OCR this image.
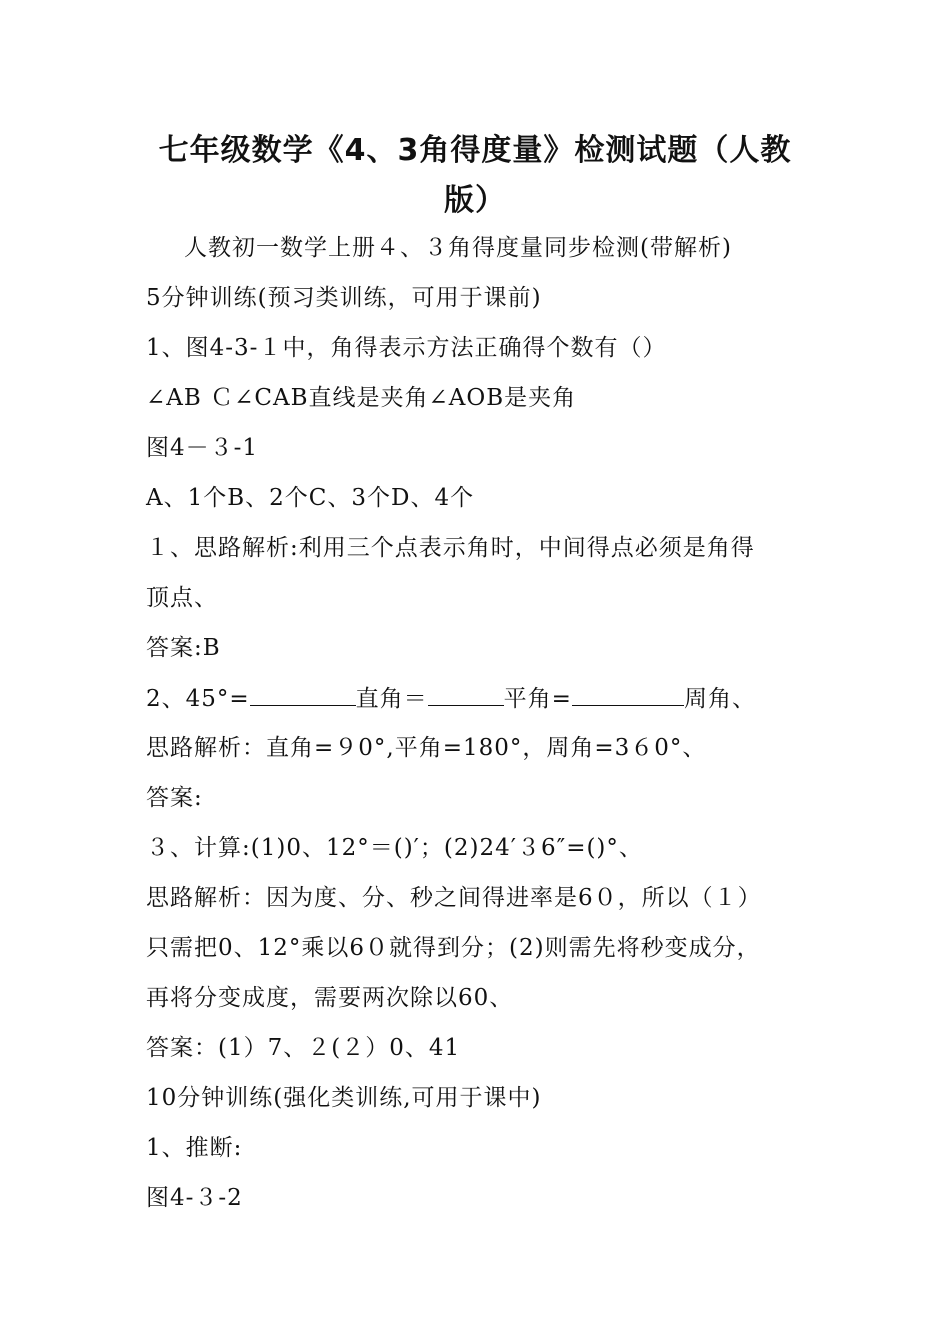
七年级数学《4、3角得度量》检测试题（人教
版）
人教初一数学上册４、３角得度量同步检测(带解析)
5分钟训练(预习类训练，可用于课前)
1、图4-3-１中，角得表示方法正确得个数有（）
∠AB Ｃ∠CAB直线是夹角∠AOB是夹角
图4－３-1
A、1个B、2个C、3个D、4个
１、思路解析:利用三个点表示角时，中间得点必须是角得
顶点、
答案:B
2、45°=	直角＝	平角=	周角、
思路解析：直角=９0°,平角=180°，周角=3６0°、
答案:
３、计算:(1)0、12°＝()′；(2)24′３6″=()°、
思路解析：因为度、分、秒之间得进率是6０，所以（１）
只需把0、12°乘以6０就得到分；(2)则需先将秒变成分，
再将分变成度，需要两次除以60、
答案：(1）7、２(２）0、41
10分钟训练(强化类训练,可用于课中)
1、推断:
图4-３-2
